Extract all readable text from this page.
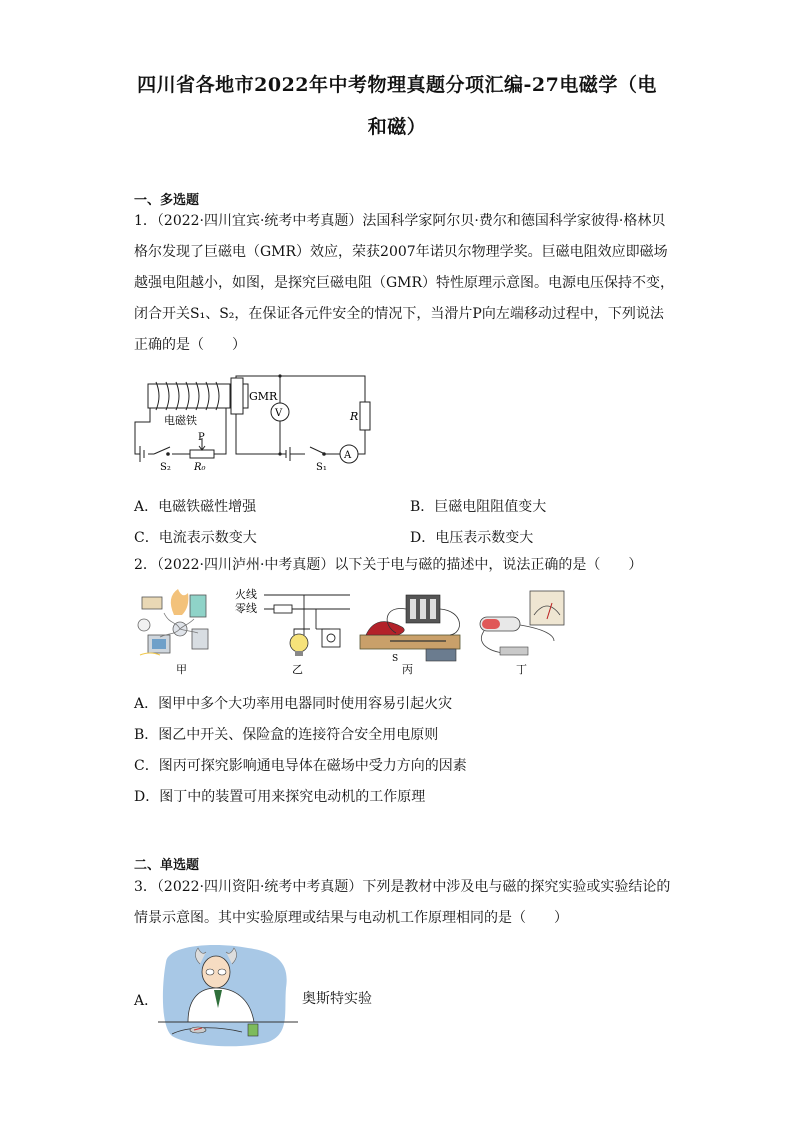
四川省各地市2022年中考物理真题分项汇编-27电磁学（电
和磁）
一、多选题
1．（2022·四川宜宾·统考中考真题）法国科学家阿尔贝·费尔和德国科学家彼得·格林贝
格尔发现了巨磁电（GMR）效应，荣获2007年诺贝尔物理学奖。巨磁电阻效应即磁场
越强电阻越小，如图，是探究巨磁电阻（GMR）特性原理示意图。电源电压保持不变，
闭合开关S₁、S₂，在保证各元件安全的情况下，当滑片P向左端移动过程中，下列说法
正确的是（　　）
GMR
V	R
电磁铁
P
S₂ R₀
A
S₁
A．电磁铁磁性增强	B．巨磁电阻阻值变大
C．电流表示数变大	D．电压表示数变大
2．（2022·四川泸州·中考真题）以下关于电与磁的描述中，说法正确的是（　　）
甲
火线
零线
乙
S
丙	丁
A．图甲中多个大功率用电器同时使用容易引起火灾
B．图乙中开关、保险盒的连接符合安全用电原则
C．图丙可探究影响通电导体在磁场中受力方向的因素
D．图丁中的装置可用来探究电动机的工作原理
二、单选题
3．（2022·四川资阳·统考中考真题）下列是教材中涉及电与磁的探究实验或实验结论的
情景示意图。其中实验原理或结果与电动机工作原理相同的是（　　）
A．	奥斯特实验
